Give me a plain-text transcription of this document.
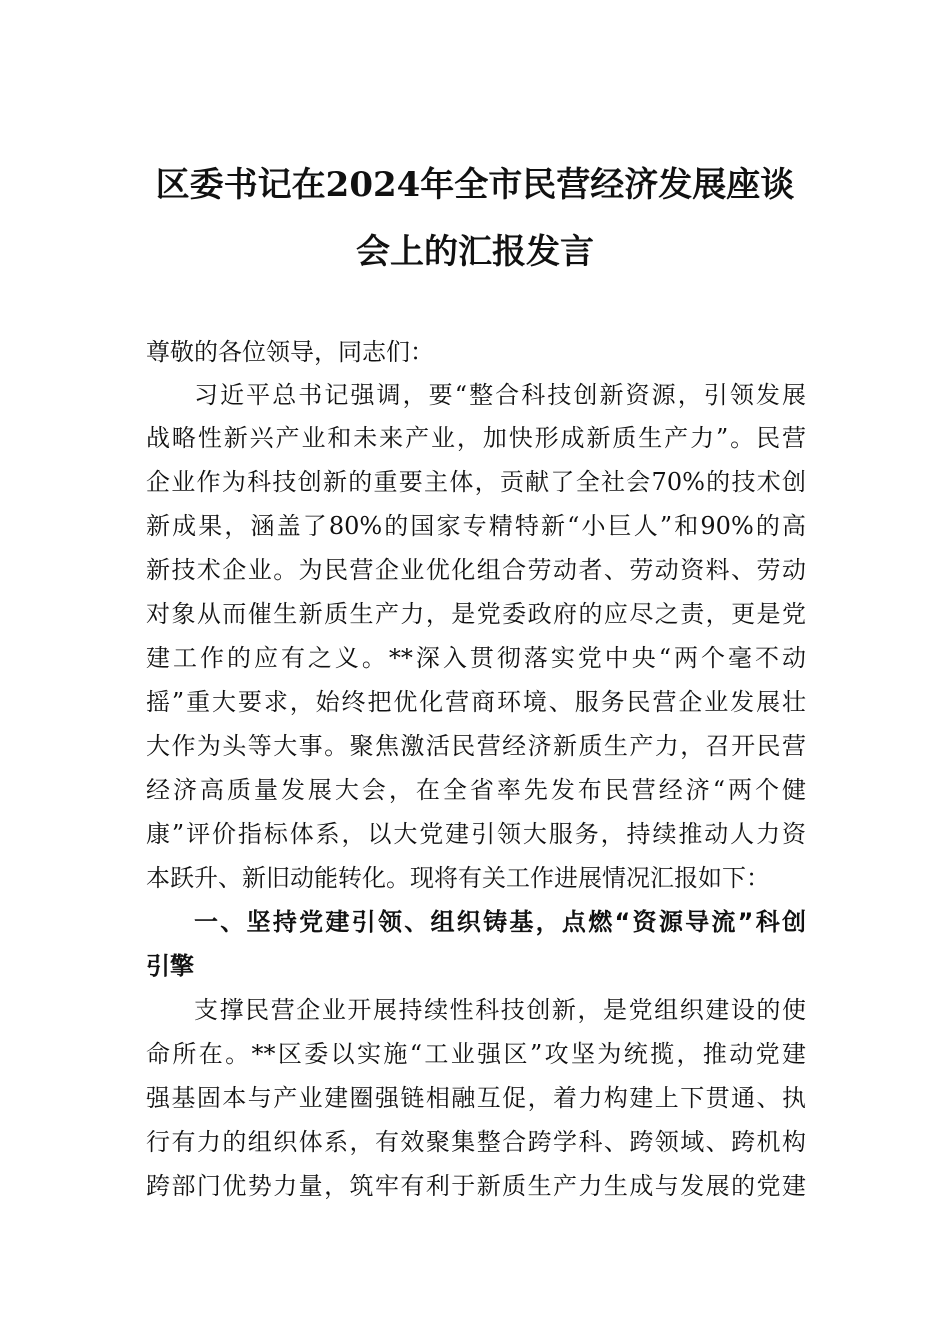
区委书记在2024年全市民营经济发展座谈
会上的汇报发言
尊敬的各位领导，同志们：
习近平总书记强调，要“整合科技创新资源，引领发展
战略性新兴产业和未来产业，加快形成新质生产力”。民营
企业作为科技创新的重要主体，贡献了全社会70%的技术创
新成果，涵盖了80%的国家专精特新“小巨人”和90%的高
新技术企业。为民营企业优化组合劳动者、劳动资料、劳动
对象从而催生新质生产力，是党委政府的应尽之责，更是党
建工作的应有之义。**深入贯彻落实党中央“两个毫不动
摇”重大要求，始终把优化营商环境、服务民营企业发展壮
大作为头等大事。聚焦激活民营经济新质生产力，召开民营
经济高质量发展大会，在全省率先发布民营经济“两个健
康”评价指标体系，以大党建引领大服务，持续推动人力资
本跃升、新旧动能转化。现将有关工作进展情况汇报如下：
一、坚持党建引领、组织铸基，点燃“资源导流”科创
引擎
支撑民营企业开展持续性科技创新，是党组织建设的使
命所在。**区委以实施“工业强区”攻坚为统揽，推动党建
强基固本与产业建圈强链相融互促，着力构建上下贯通、执
行有力的组织体系，有效聚集整合跨学科、跨领域、跨机构
跨部门优势力量，筑牢有利于新质生产力生成与发展的党建
